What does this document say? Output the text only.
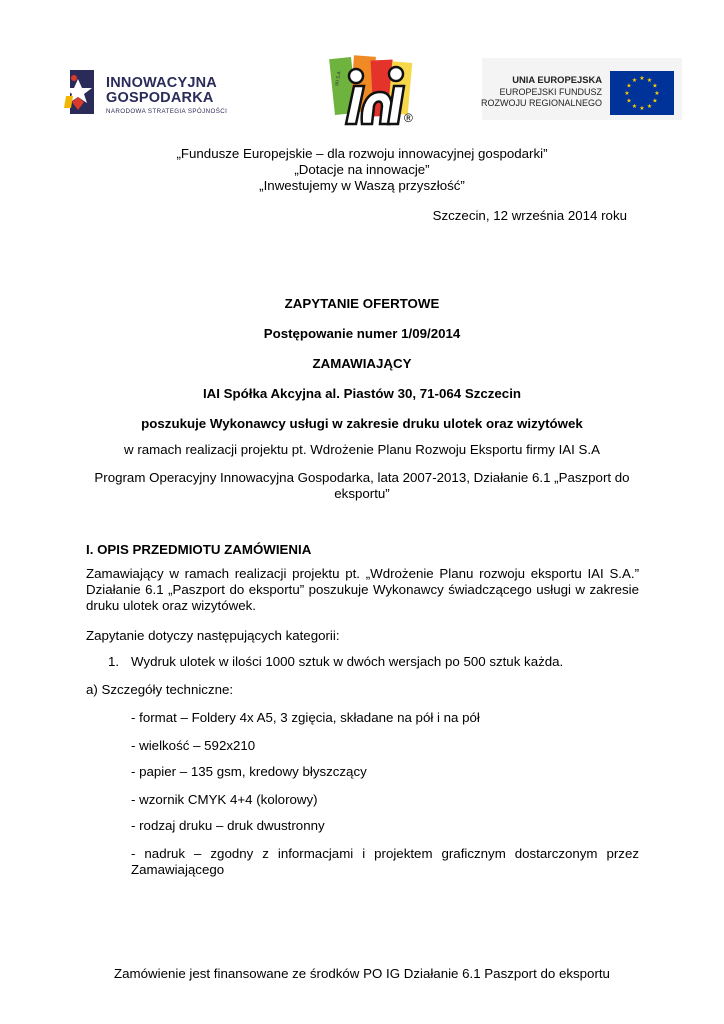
INNOWACYJNA
GOSPODARKA
NARODOWA STRATEGIA SPÓJNOŚCI
IAI S.A.
®
UNIA EUROPEJSKA
EUROPEJSKI FUNDUSZ
ROZWOJU REGIONALNEGO
★ ★
★
★
★
★
★
★
★
★
★
★
„Fundusze Europejskie – dla rozwoju innowacyjnej gospodarki”
„Dotacje na innowacje”
„Inwestujemy w Waszą przyszłość”
Szczecin, 12 września 2014 roku
ZAPYTANIE OFERTOWE
Postępowanie numer 1/09/2014
ZAMAWIAJĄCY
IAI Spółka Akcyjna al. Piastów 30, 71-064 Szczecin
poszukuje Wykonawcy usługi w zakresie druku ulotek oraz wizytówek
w ramach realizacji projektu pt. Wdrożenie Planu Rozwoju Eksportu firmy IAI S.A
Program Operacyjny Innowacyjna Gospodarka, lata 2007-2013, Działanie 6.1 „Paszport do eksportu”
I. OPIS PRZEDMIOTU ZAMÓWIENIA
Zamawiający w ramach realizacji projektu pt. „Wdrożenie Planu rozwoju eksportu IAI S.A.” Działanie 6.1 „Paszport do eksportu” poszukuje Wykonawcy świadczącego usługi w zakresie druku ulotek oraz wizytówek.
Zapytanie dotyczy następujących kategorii:
1. Wydruk ulotek w ilości 1000 sztuk w dwóch wersjach po 500 sztuk każda.
a) Szczegóły techniczne:
- format – Foldery 4x A5, 3 zgięcia, składane na pół i na pół
- wielkość – 592x210
- papier – 135 gsm, kredowy błyszczący
- wzornik CMYK 4+4 (kolorowy)
- rodzaj druku – druk dwustronny
- nadruk – zgodny z informacjami i projektem graficznym dostarczonym przez Zamawiającego
Zamówienie jest finansowane ze środków PO IG Działanie 6.1 Paszport do eksportu
